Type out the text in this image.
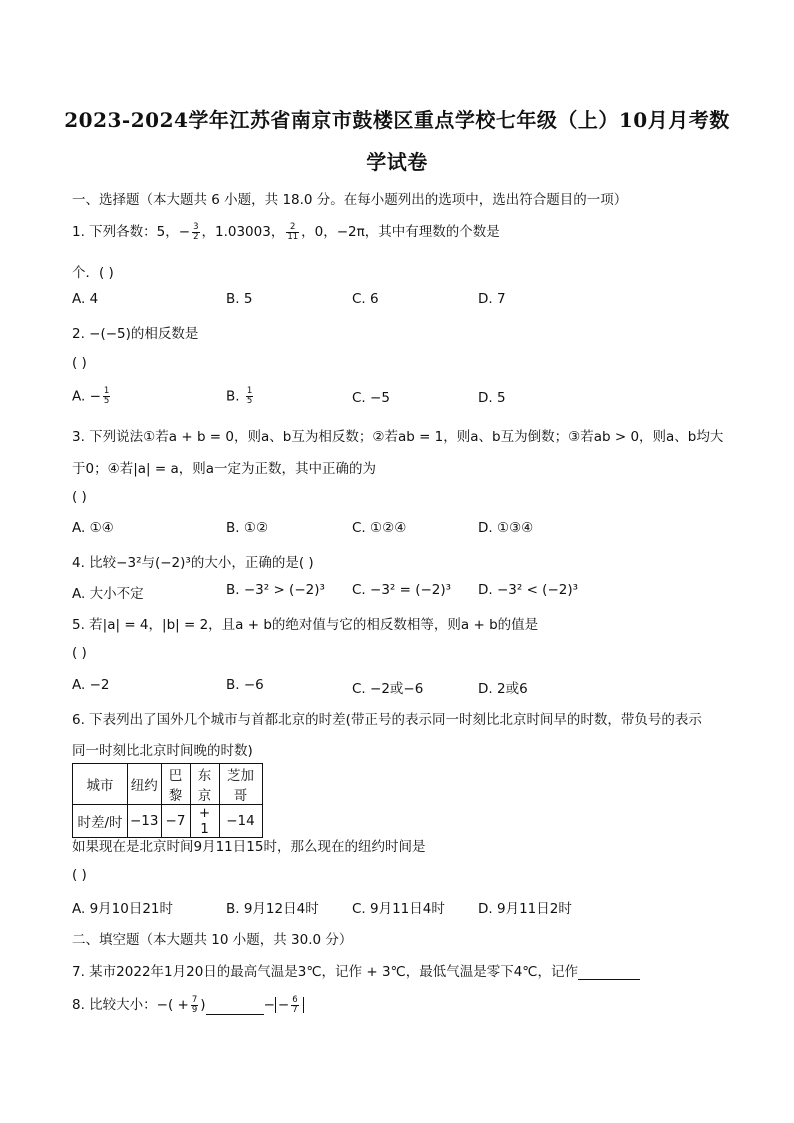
2023-2024学年江苏省南京市鼓楼区重点学校七年级（上）10月月考数
学试卷
一、选择题（本大题共 6 小题，共 18.0 分。在每小题列出的选项中，选出符合题目的一项）
1. 下列各数：5，− $\frac{3}{2}$ ，1.03003， $\frac{2}{11}$ ，0，−2π，其中有理数的个数是
个．( )
A. 4	B. 5	C. 6	D. 7
2. −(−5)的相反数是
( )
A. − $\frac{1}{5}$	B. $\frac{1}{5}$	C. −5	D. 5
3. 下列说法①若a + b = 0，则a、b互为相反数；②若ab = 1，则a、b互为倒数；③若ab > 0，则a、b均大
于0；④若|a| = a，则a一定为正数，其中正确的为
( )
A. ①④	B. ①②	C. ①②④	D. ①③④
4. 比较−3²与(−2)³的大小，正确的是( )
A. 大小不定	B. −3² > (−2)³ C. −3² = (−2)³ D. −3² < (−2)³
5. 若|a| = 4，|b| = 2，且a + b的绝对值与它的相反数相等，则a + b的值是
( )
A. −2	B. −6	C. −2或−6	D. 2或6
6. 下表列出了国外几个城市与首都北京的时差(带正号的表示同一时刻比北京时间早的时数，带负号的表示
同一时刻比北京时间晚的时数)
城市	纽约	巴黎	东京	芝加哥
时差/时	−13	−7	+ 1	−14
如果现在是北京时间9月11日15时，那么现在的纽约时间是
( )
A. 9月10日21时	B. 9月12日4时 C. 9月11日4时 D. 9月11日2时
二、填空题（本大题共 10 小题，共 30.0 分）
7. 某市2022年1月20日的最高气温是3℃，记作 + 3℃，最低气温是零下4℃，记作
8. 比较大小：−( + $\frac{7}{9}$ )	− − $\frac{6}{7}$
